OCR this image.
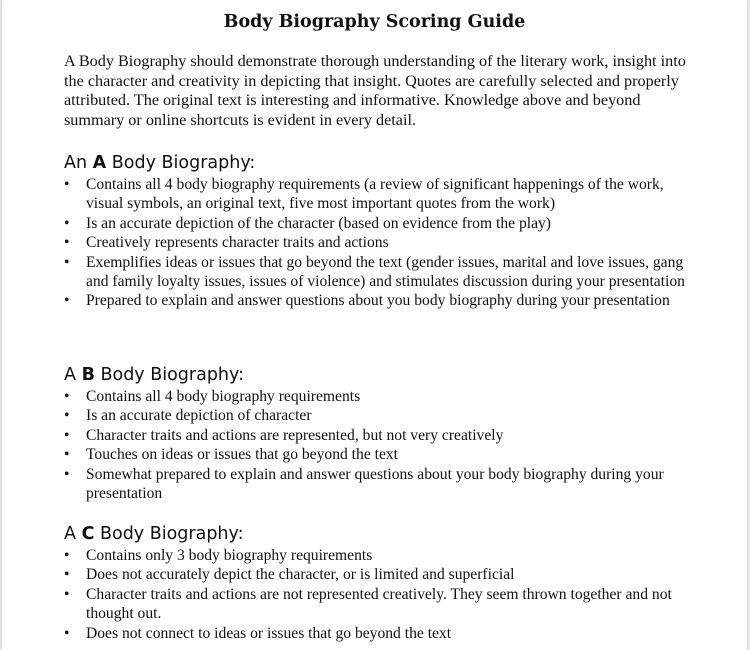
Body Biography Scoring Guide

A Body Biography should demonstrate thorough understanding of the literary work, insight into the character and creativity in depicting that insight. Quotes are carefully selected and properly attributed. The original text is interesting and informative. Knowledge above and beyond summary or online shortcuts is evident in every detail.

An A Body Biography:
•	Contains all 4 body biography requirements (a review of significant happenings of the work, visual symbols, an original text, five most important quotes from the work)
•	Is an accurate depiction of the character (based on evidence from the play)
•	Creatively represents character traits and actions
•	Exemplifies ideas or issues that go beyond the text (gender issues, marital and love issues, gang and family loyalty issues, issues of violence) and stimulates discussion during your presentation
•	Prepared to explain and answer questions about you body biography during your presentation
A B Body Biography:
•	Contains all 4 body biography requirements
•	Is an accurate depiction of character
•	Character traits and actions are represented, but not very creatively
•	Touches on ideas or issues that go beyond the text
•	Somewhat prepared to explain and answer questions about your body biography during your presentation
A C Body Biography:
•	Contains only 3 body biography requirements
•	Does not accurately depict the character, or is limited and superficial
•	Character traits and actions are not represented creatively. They seem thrown together and not thought out.
•	Does not connect to ideas or issues that go beyond the text
